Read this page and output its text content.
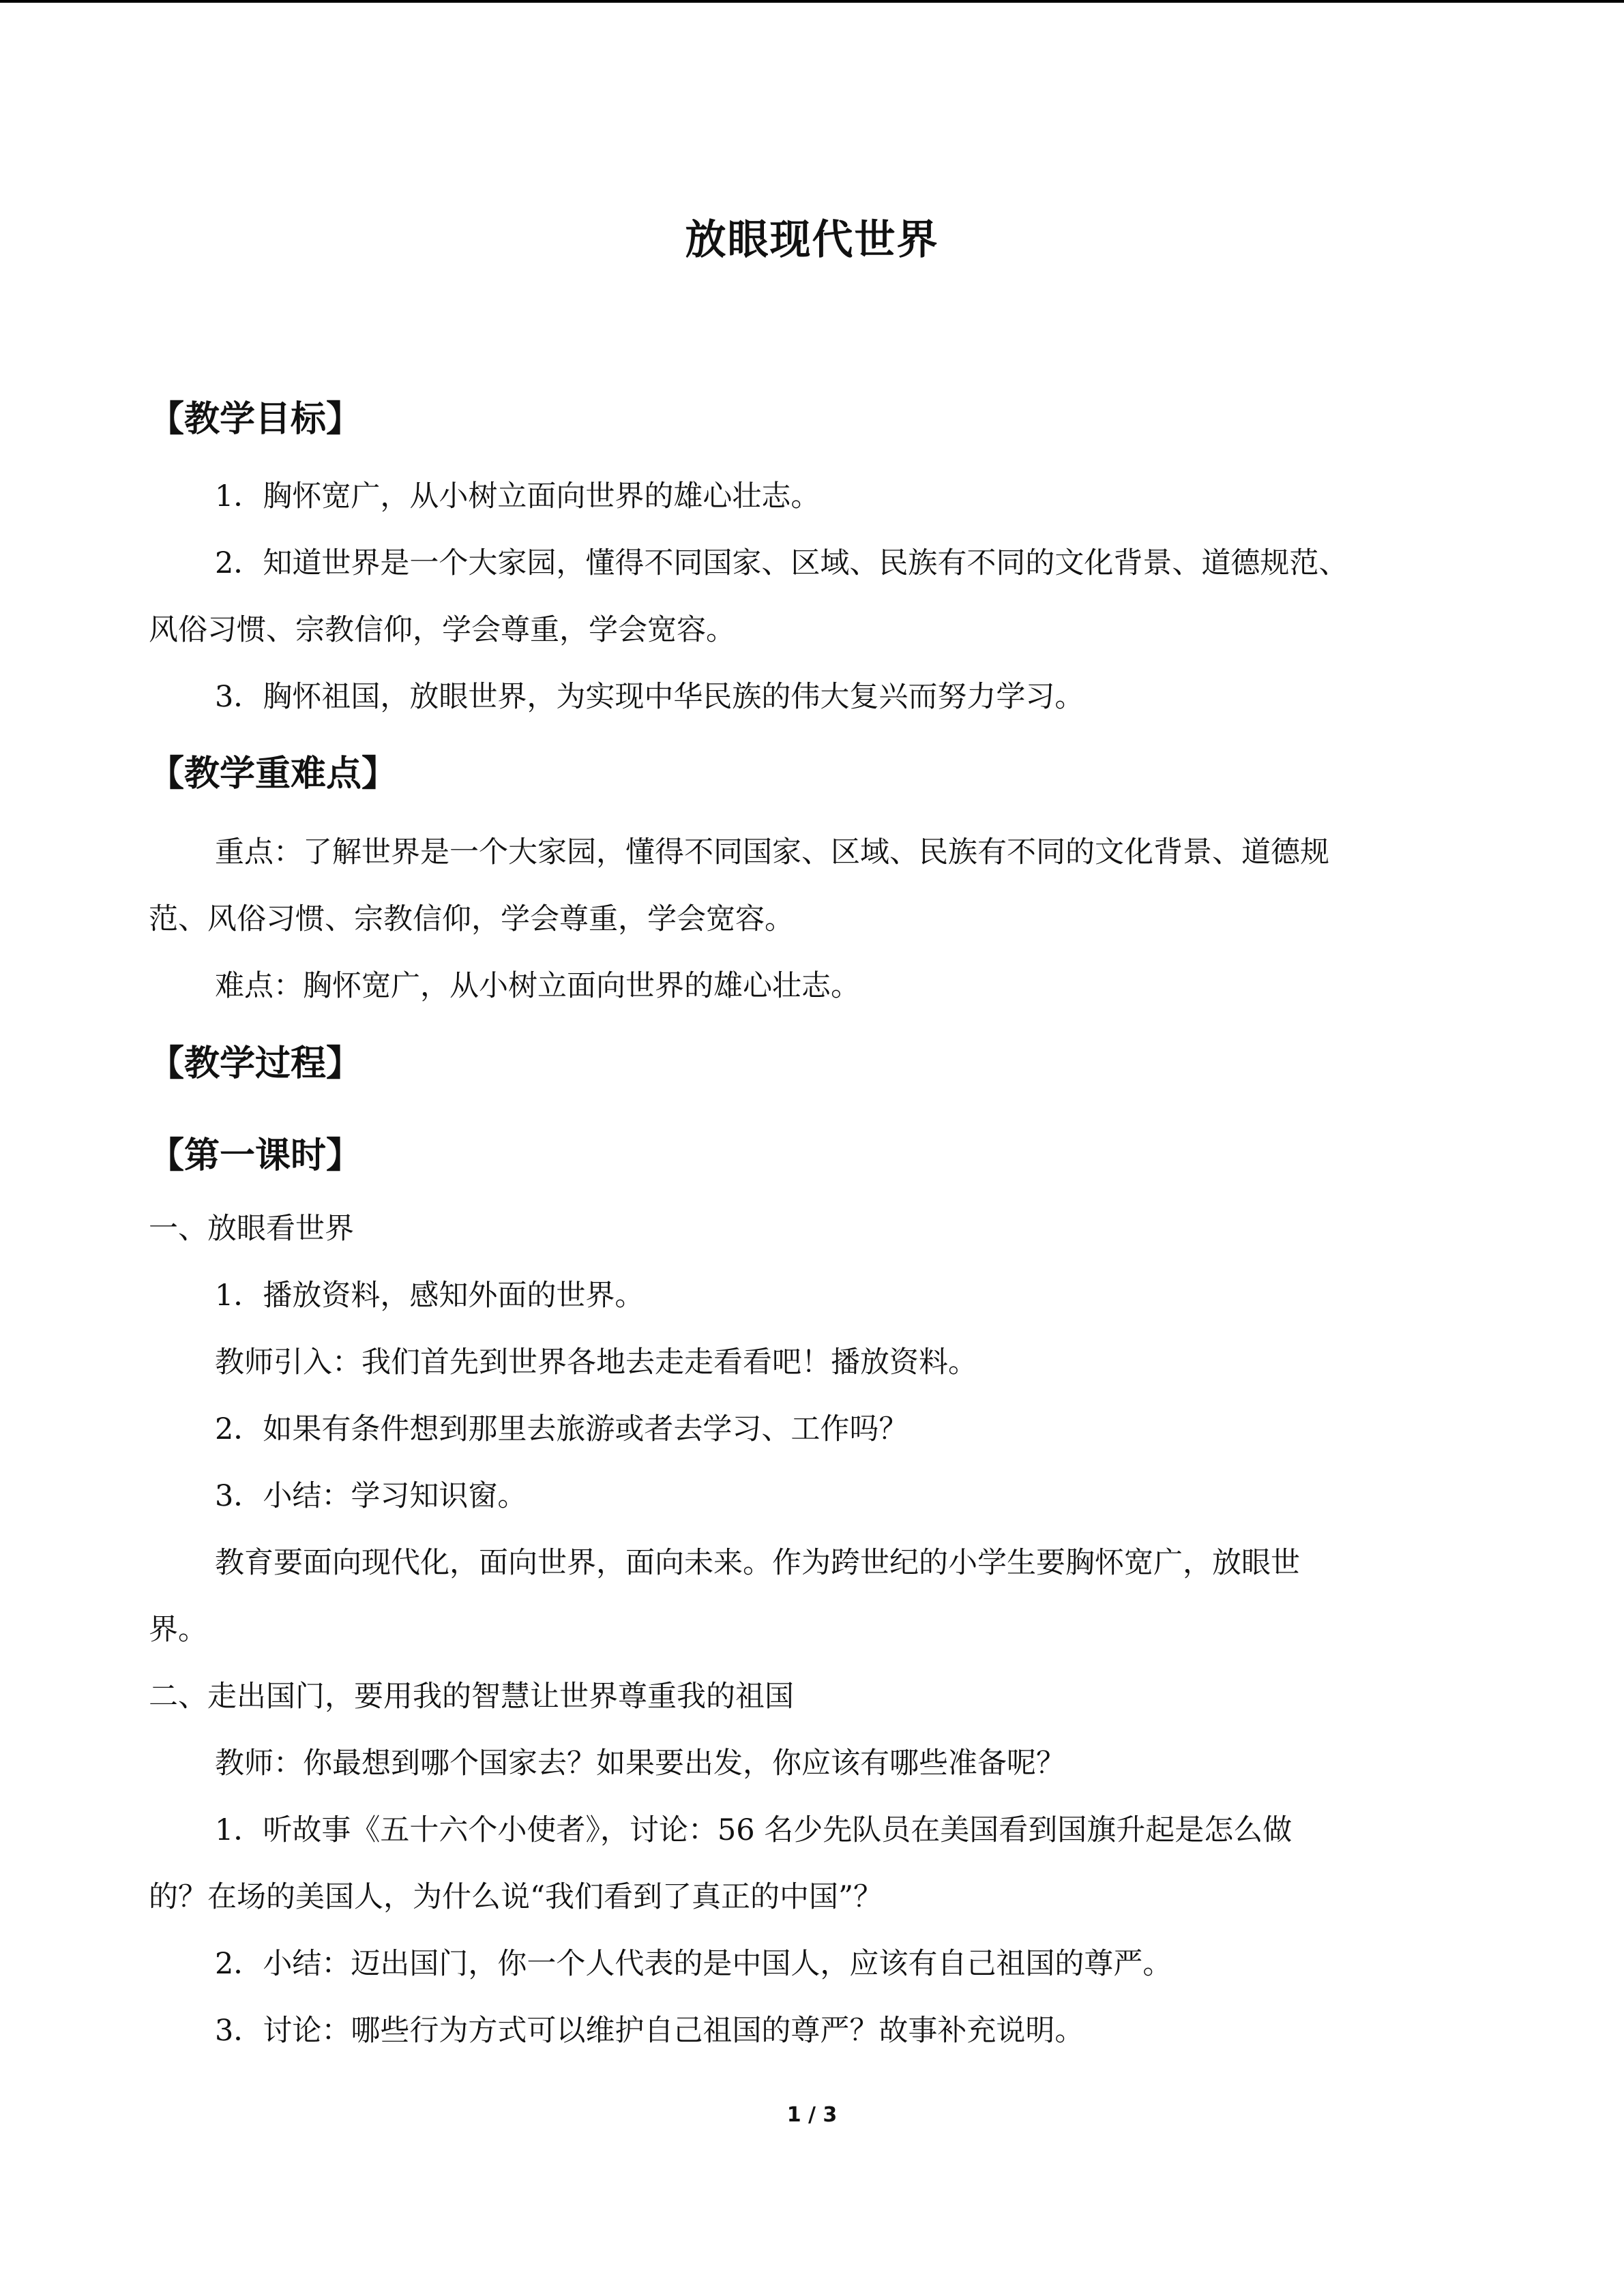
放眼现代世界
【教学目标】
1．胸怀宽广，从小树立面向世界的雄心壮志。
2．知道世界是一个大家园，懂得不同国家、区域、民族有不同的文化背景、道德规范、
风俗习惯、宗教信仰，学会尊重，学会宽容。
3．胸怀祖国，放眼世界，为实现中华民族的伟大复兴而努力学习。
【教学重难点】
重点：了解世界是一个大家园，懂得不同国家、区域、民族有不同的文化背景、道德规
范、风俗习惯、宗教信仰，学会尊重，学会宽容。
难点：胸怀宽广，从小树立面向世界的雄心壮志。
【教学过程】
【第一课时】
一、放眼看世界
1．播放资料，感知外面的世界。
教师引入：我们首先到世界各地去走走看看吧！播放资料。
2．如果有条件想到那里去旅游或者去学习、工作吗？
3．小结：学习知识窗。
教育要面向现代化，面向世界，面向未来。作为跨世纪的小学生要胸怀宽广，放眼世
界。
二、走出国门，要用我的智慧让世界尊重我的祖国
教师：你最想到哪个国家去？如果要出发，你应该有哪些准备呢？
1．听故事《五十六个小使者》，讨论：56 名少先队员在美国看到国旗升起是怎么做
的？在场的美国人，为什么说“我们看到了真正的中国”？
2．小结：迈出国门，你一个人代表的是中国人，应该有自己祖国的尊严。
3．讨论：哪些行为方式可以维护自己祖国的尊严？故事补充说明。
1 / 3
